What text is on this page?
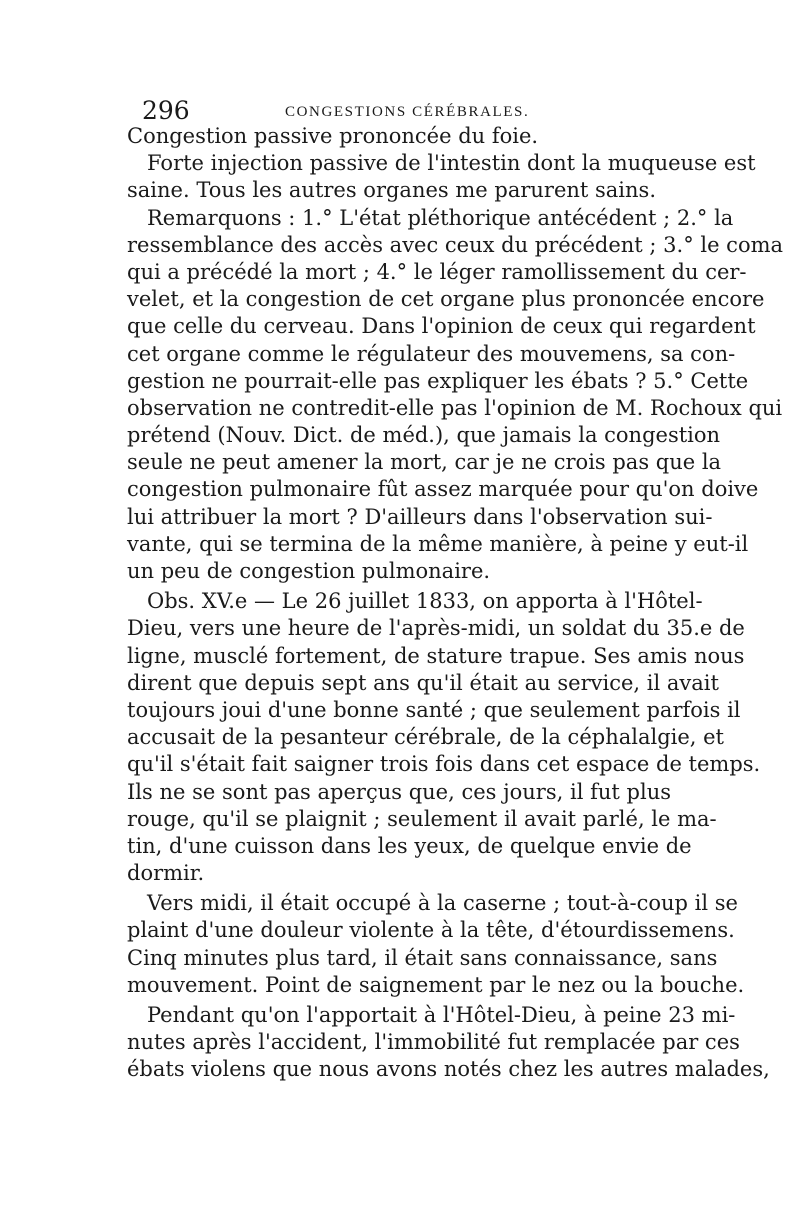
296	CONGESTIONS CÉRÉBRALES.
Congestion passive prononcée du foie.
Forte injection passive de l'intestin dont la muqueuse est
saine. Tous les autres organes me parurent sains.
Remarquons : 1.° L'état pléthorique antécédent ; 2.° la
ressemblance des accès avec ceux du précédent ; 3.° le coma
qui a précédé la mort ; 4.° le léger ramollissement du cer-
velet, et la congestion de cet organe plus prononcée encore
que celle du cerveau. Dans l'opinion de ceux qui regardent
cet organe comme le régulateur des mouvemens, sa con-
gestion ne pourrait-elle pas expliquer les ébats ? 5.° Cette
observation ne contredit-elle pas l'opinion de M. Rochoux qui
prétend (Nouv. Dict. de méd.), que jamais la congestion
seule ne peut amener la mort, car je ne crois pas que la
congestion pulmonaire fût assez marquée pour qu'on doive
lui attribuer la mort ? D'ailleurs dans l'observation sui-
vante, qui se termina de la même manière, à peine y eut-il
un peu de congestion pulmonaire.
Obs. XV.e — Le 26 juillet 1833, on apporta à l'Hôtel-
Dieu, vers une heure de l'après-midi, un soldat du 35.e de
ligne, musclé fortement, de stature trapue. Ses amis nous
dirent que depuis sept ans qu'il était au service, il avait
toujours joui d'une bonne santé ; que seulement parfois il
accusait de la pesanteur cérébrale, de la céphalalgie, et
qu'il s'était fait saigner trois fois dans cet espace de temps.
Ils ne se sont pas aperçus que, ces jours, il fut plus
rouge, qu'il se plaignit ; seulement il avait parlé, le ma-
tin, d'une cuisson dans les yeux, de quelque envie de
dormir.
Vers midi, il était occupé à la caserne ; tout-à-coup il se
plaint d'une douleur violente à la tête, d'étourdissemens.
Cinq minutes plus tard, il était sans connaissance, sans
mouvement. Point de saignement par le nez ou la bouche.
Pendant qu'on l'apportait à l'Hôtel-Dieu, à peine 23 mi-
nutes après l'accident, l'immobilité fut remplacée par ces
ébats violens que nous avons notés chez les autres malades,
